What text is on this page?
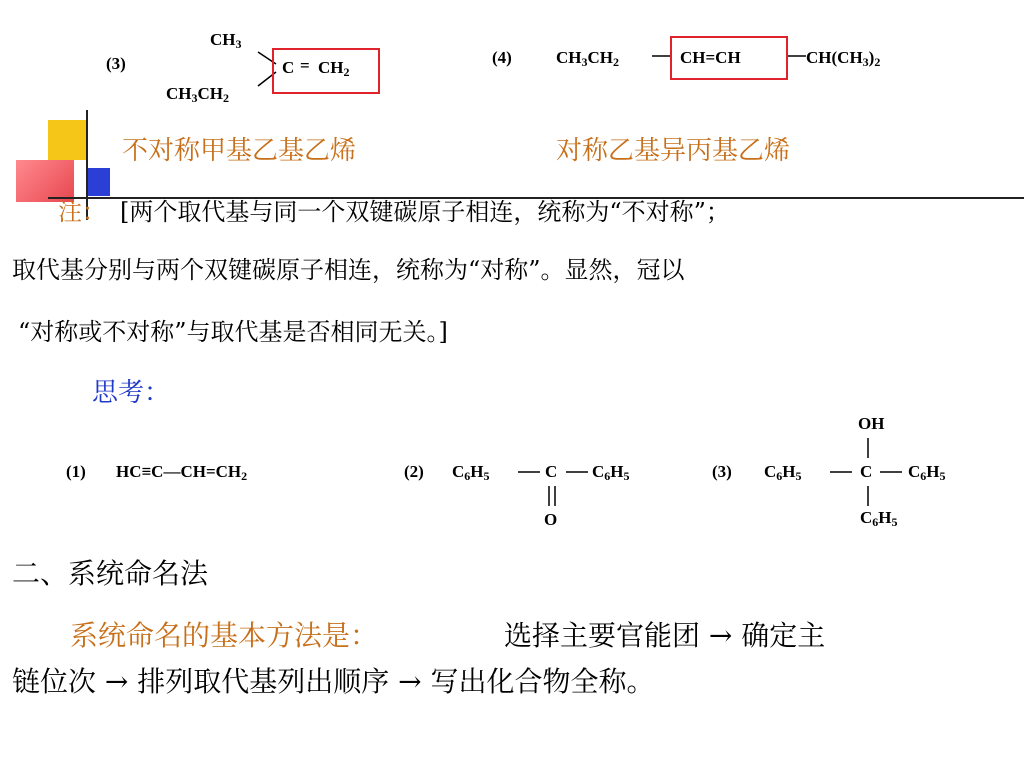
(3)
$CH_3$
$CH_3CH_2$
$C = CH_2$
(4)	$CH_3CH_2$	CH=CH	$CH(CH_3)_2$
不对称甲基乙基乙烯	对称乙基异丙基乙烯
注： [两个取代基与同一个双键碳原子相连，统称为“不对称”；
取代基分别与两个双键碳原子相连，统称为“对称”。显然，冠以
“对称或不对称”与取代基是否相同无关。]
思考：
(1) $HC\equiv C—CH=CH_2$	(2) $C_6H_5$	C $C_6H_5$
O
(3)
OH
$C_6H_5$	C $C_6H_5$
$C_6H_5$
二、系统命名法
系统命名的基本方法是：	选择主要官能团 → 确定主
链位次 → 排列取代基列出顺序 → 写出化合物全称。
